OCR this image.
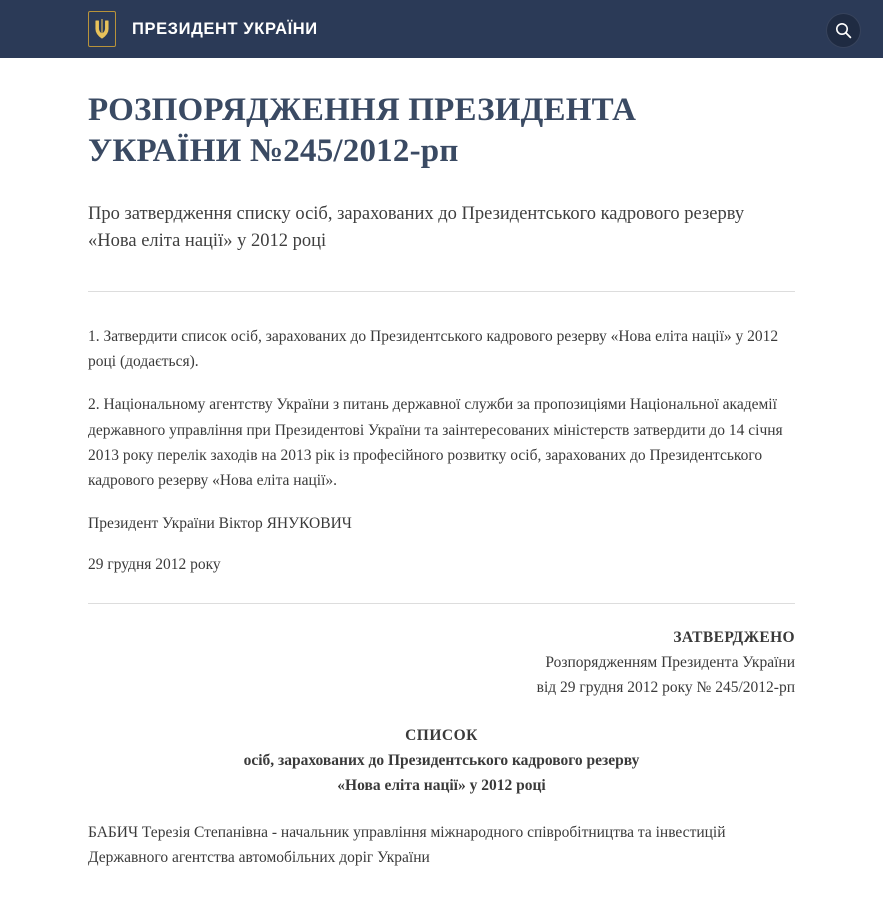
ПРЕЗИДЕНТ УКРАЇНИ
РОЗПОРЯДЖЕННЯ ПРЕЗИДЕНТА УКРАЇНИ №245/2012-рп

Про затвердження списку осіб, зарахованих до Президентського кадрового резерву «Нова еліта нації» у 2012 році

1. Затвердити список осіб, зарахованих до Президентського кадрового резерву «Нова еліта нації» у 2012 році (додається).

2. Національному агентству України з питань державної служби за пропозиціями Національної академії державного управління при Президентові України та заінтересованих міністерств затвердити до 14 січня 2013 року перелік заходів на 2013 рік із професійного розвитку осіб, зарахованих до Президентського кадрового резерву «Нова еліта нації».

Президент України Віктор ЯНУКОВИЧ

29 грудня 2012 року

ЗАТВЕРДЖЕНО
Розпорядженням Президента України
від 29 грудня 2012 року № 245/2012-рп
СПИСОК
осіб, зарахованих до Президентського кадрового резерву
«Нова еліта нації» у 2012 році
БАБИЧ Терезія Степанівна - начальник управління міжнародного співробітництва та інвестицій Державного агентства автомобільних доріг України
